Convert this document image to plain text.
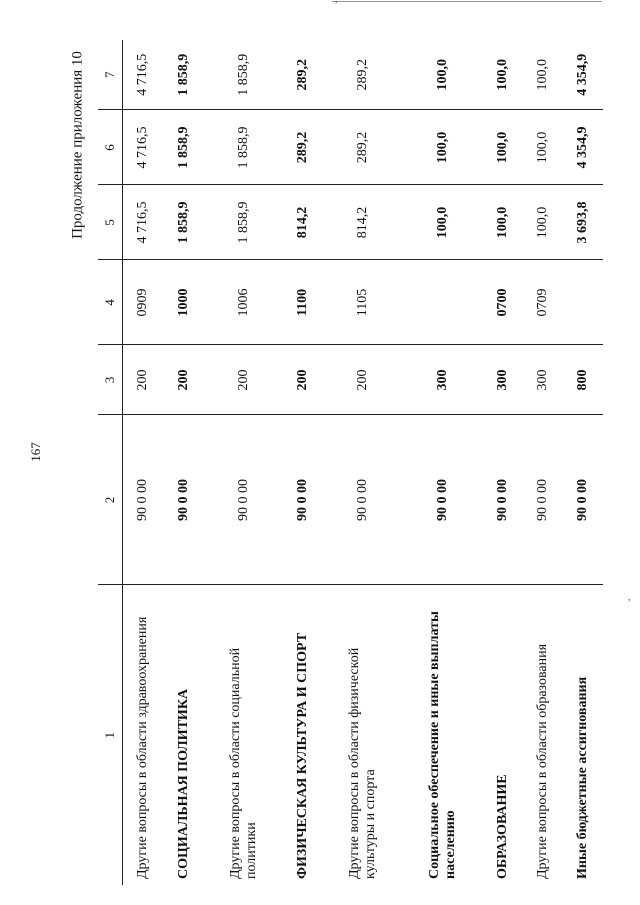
,
167
Продолжение приложения 10
1	2	3	4	5	6	7
Другие вопросы в области здравоохранения	90 0 00	200	0909	4 716,5	4 716,5	4 716,5
СОЦИАЛЬНАЯ ПОЛИТИКА	90 0 00	200	1000	1 858,9	1 858,9	1 858,9
Другие вопросы в области социальной политики	90 0 00	200	1006	1 858,9	1 858,9	1 858,9
ФИЗИЧЕСКАЯ КУЛЬТУРА И СПОРТ	90 0 00	200	1100	814,2	289,2	289,2
Другие вопросы в области физической культуры и спорта	90 0 00	200	1105	814,2	289,2	289,2
Социальное обеспечение и иные выплаты населению	90 0 00	300		100,0	100,0	100,0
ОБРАЗОВАНИЕ	90 0 00	300	0700	100,0	100,0	100,0
Другие вопросы в области образования	90 0 00	300	0709	100,0	100,0	100,0
Иные бюджетные ассигнования	90 0 00	800		3 693,8	4 354,9	4 354,9
